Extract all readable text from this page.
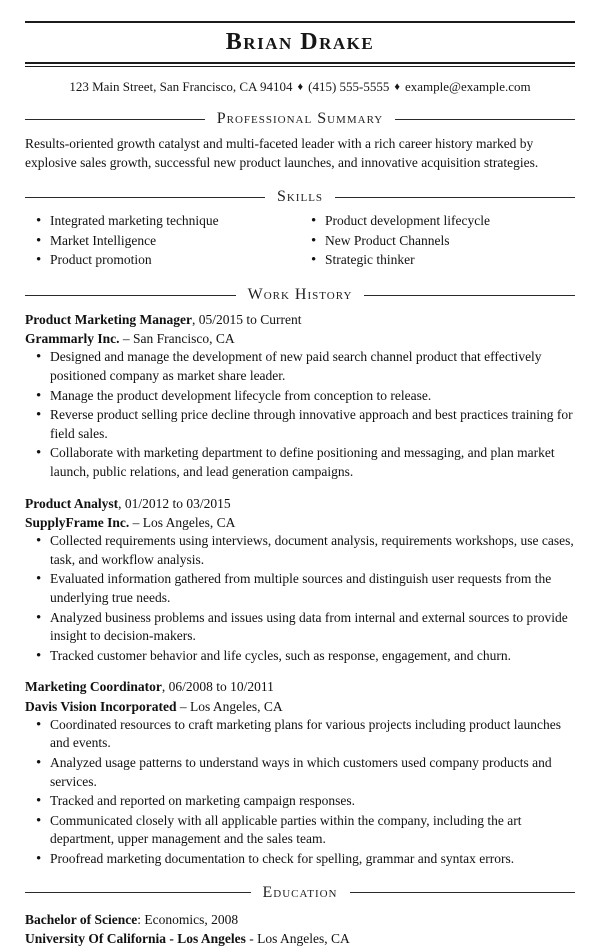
Brian Drake
123 Main Street, San Francisco, CA 94104 ♦ (415) 555-5555 ♦ example@example.com
Professional Summary

Results-oriented growth catalyst and multi-faceted leader with a rich career history marked by explosive sales growth, successful new product launches, and innovative acquisition strategies.

Skills
• Integrated marketing technique
• Market Intelligence
• Product promotion
• Product development lifecycle
• New Product Channels
• Strategic thinker
Work History
Product Marketing Manager, 05/2015 to Current
Grammarly Inc. – San Francisco, CA
• Designed and manage the development of new paid search channel product that effectively positioned company as market share leader.
• Manage the product development lifecycle from conception to release.
• Reverse product selling price decline through innovative approach and best practices training for field sales.
• Collaborate with marketing department to define positioning and messaging, and plan market launch, public relations, and lead generation campaigns.
Product Analyst, 01/2012 to 03/2015
SupplyFrame Inc. – Los Angeles, CA
• Collected requirements using interviews, document analysis, requirements workshops, use cases, task, and workflow analysis.
• Evaluated information gathered from multiple sources and distinguish user requests from the underlying true needs.
• Analyzed business problems and issues using data from internal and external sources to provide insight to decision-makers.
• Tracked customer behavior and life cycles, such as response, engagement, and churn.
Marketing Coordinator, 06/2008 to 10/2011
Davis Vision Incorporated – Los Angeles, CA
• Coordinated resources to craft marketing plans for various projects including product launches and events.
• Analyzed usage patterns to understand ways in which customers used company products and services.
• Tracked and reported on marketing campaign responses.
• Communicated closely with all applicable parties within the company, including the art department, upper management and the sales team.
• Proofread marketing documentation to check for spelling, grammar and syntax errors.
Education
Bachelor of Science: Economics, 2008
University Of California - Los Angeles - Los Angeles, CA
